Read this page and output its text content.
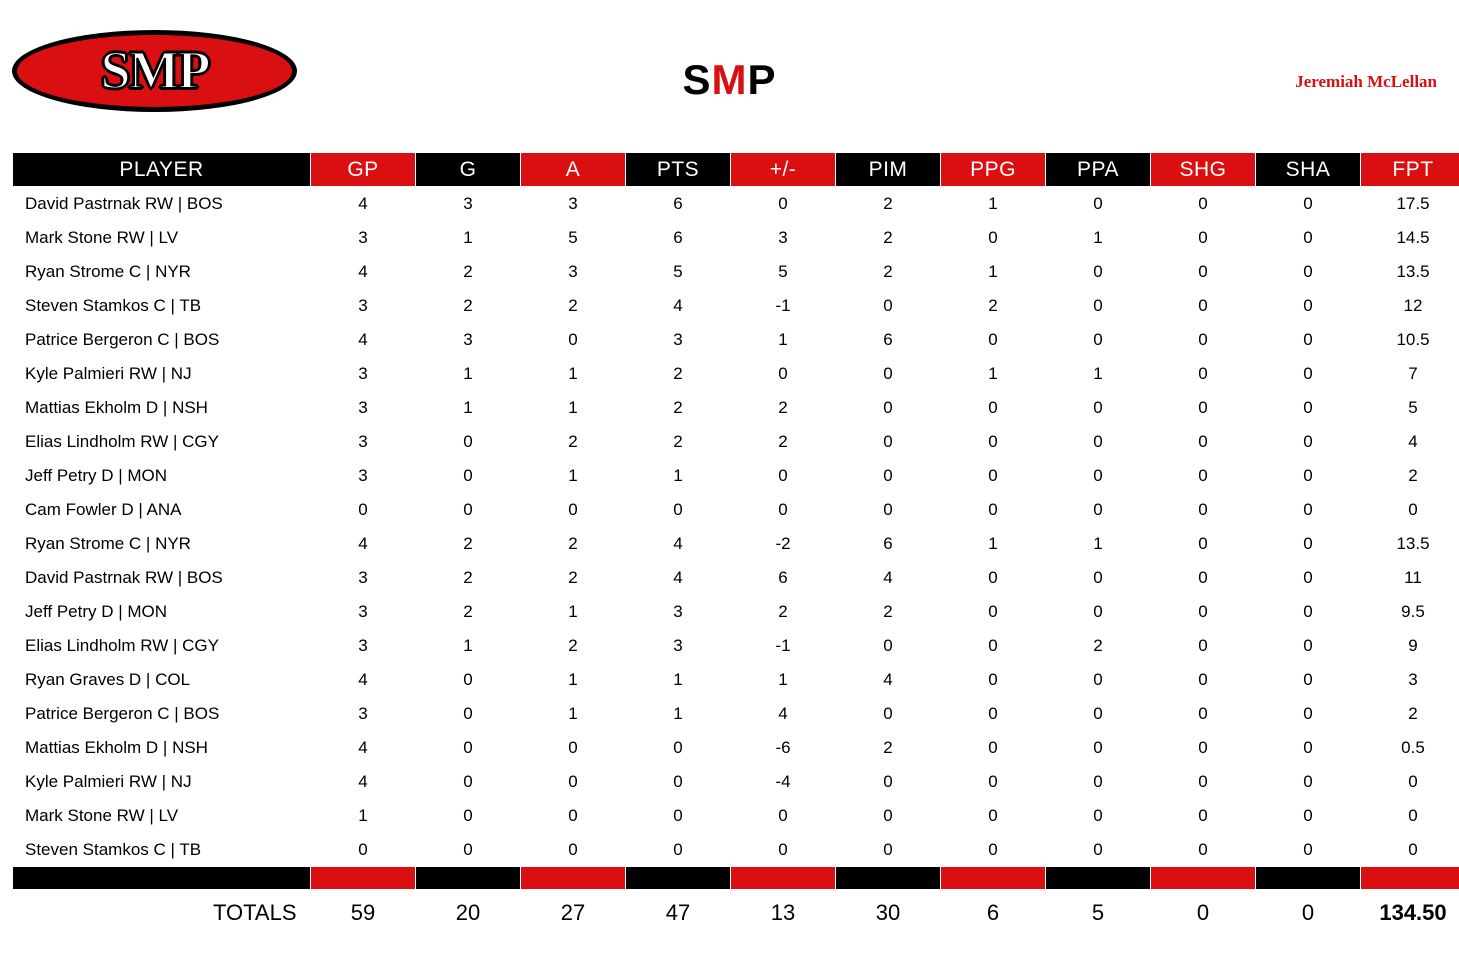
SMP	SMP	Jeremiah McLellan
PLAYER	GP	G	A	PTS	+/-	PIM	PPG	PPA	SHG	SHA	FPT
David Pastrnak RW | BOS	4	3	3	6	0	2	1	0	0	0	17.5
Mark Stone RW | LV	3	1	5	6	3	2	0	1	0	0	14.5
Ryan Strome C | NYR	4	2	3	5	5	2	1	0	0	0	13.5
Steven Stamkos C | TB	3	2	2	4	-1	0	2	0	0	0	12
Patrice Bergeron C | BOS	4	3	0	3	1	6	0	0	0	0	10.5
Kyle Palmieri RW | NJ	3	1	1	2	0	0	1	1	0	0	7
Mattias Ekholm D | NSH	3	1	1	2	2	0	0	0	0	0	5
Elias Lindholm RW | CGY	3	0	2	2	2	0	0	0	0	0	4
Jeff Petry D | MON	3	0	1	1	0	0	0	0	0	0	2
Cam Fowler D | ANA	0	0	0	0	0	0	0	0	0	0	0
Ryan Strome C | NYR	4	2	2	4	-2	6	1	1	0	0	13.5
David Pastrnak RW | BOS	3	2	2	4	6	4	0	0	0	0	11
Jeff Petry D | MON	3	2	1	3	2	2	0	0	0	0	9.5
Elias Lindholm RW | CGY	3	1	2	3	-1	0	0	2	0	0	9
Ryan Graves D | COL	4	0	1	1	1	4	0	0	0	0	3
Patrice Bergeron C | BOS	3	0	1	1	4	0	0	0	0	0	2
Mattias Ekholm D | NSH	4	0	0	0	-6	2	0	0	0	0	0.5
Kyle Palmieri RW | NJ	4	0	0	0	-4	0	0	0	0	0	0
Mark Stone RW | LV	1	0	0	0	0	0	0	0	0	0	0
Steven Stamkos C | TB	0	0	0	0	0	0	0	0	0	0	0

TOTALS	59	20	27	47	13	30	6	5	0	0	134.50
